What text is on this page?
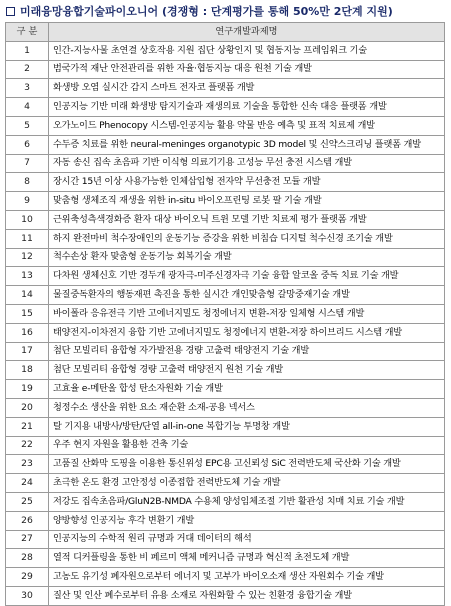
미래융망융합기술파이오니어 (경쟁형 : 단계평가를 통해 50%만 2단계 지원)
구 분	연구개발과제명
1	인간-지능사물 초연결 상호작용 지원 집단 상황인지 및 협동지능 프레임워크 기술
2	범국가적 재난 안전관리를 위한 자율·협동지능 대응 원천 기술 개발
3	화생방 오염 실시간 감지 스마트 전자코 플랫폼 개발
4	인공지능 기반 미래 화생방 탐지기술과 재생의료 기술을 통합한 신속 대응 플랫폼 개발
5	오가노이드 Phenocopy 시스템-인공지능 활용 약물 반응 예측 및 표적 치료제 개발
6	수두증 치료를 위한 neural-meninges organotypic 3D model 및 신약스크리닝 플랫폼 개발
7	자동 송신 집속 초음파 기반 이식형 의료기기용 고성능 무선 충전 시스템 개발
8	장시간 15년 이상 사용가능한 인체삽입형 전자약 무선충전 모듈 개발
9	맞춤형 생체조직 재생을 위한 in-situ 바이오프린팅 로봇 팔 기술 개발
10	근위축성측색경화증 환자 대상 바이오닉 트윈 모델 기반 치료제 평가 플랫폼 개발
11	하지 완전마비 척수장애인의 운동기능 증강을 위한 비침습 디지털 척수신경 조기술 개발
12	척수손상 환자 맞춤형 운동기능 회복기술 개발
13	다차원 생체신호 기반 경두개 광자극-미주신경자극 기술 융합 알코올 중독 치료 기술 개발
14	물질중독환자의 행동재편 촉진을 통한 실시간 개인맞춤형 갈망중재기술 개발
15	바이폴라 응유전극 기반 고에너지밀도 청정에너지 변환-저장 일체형 시스템 개발
16	태양전지-이차전지 융합 기반 고에너지밀도 청정에너지 변환-저장 하이브리드 시스템 개발
17	첨단 모빌리티 융합형 자가발전용 경량 고출력 태양전지 기술 개발
18	첨단 모빌리티 융합형 경량 고출력 태양전지 원천 기술 개발
19	고효율 e-메탄올 합성 탄소자원화 기술 개발
20	청정수소 생산을 위한 요소 재순환 소재-공용 넥서스
21	탈 기지용 내방사/방탄/단열 all-in-one 복합기능 투명창 개발
22	우주 현지 자원을 활용한 건축 기술
23	고품질 산화막 도핑을 이용한 통신위성 EPC용 고신뢰성 SiC 전력반도체 국산화 기술 개발
24	초극한 온도 환경 고안정성 이종접합 전력반도체 기술 개발
25	저강도 집속초음파/GluN2B-NMDA 수용체 양성임체조절 기반 활관성 치매 치료 기술 개발
26	양방향성 인공지능 후각 변환기 개발
27	인공지능의 수학적 원리 규명과 거대 데이터의 해석
28	열적 디커플링을 통한 비 페르미 액체 메커니즘 규명과 혁신적 초전도체 개발
29	고농도 유기성 폐자원으로부터 에너지 및 고부가 바이오소재 생산 자원회수 기술 개발
30	질산 및 인산 폐수로부터 유용 소재로 자원화할 수 있는 친환경 융합기술 개발
